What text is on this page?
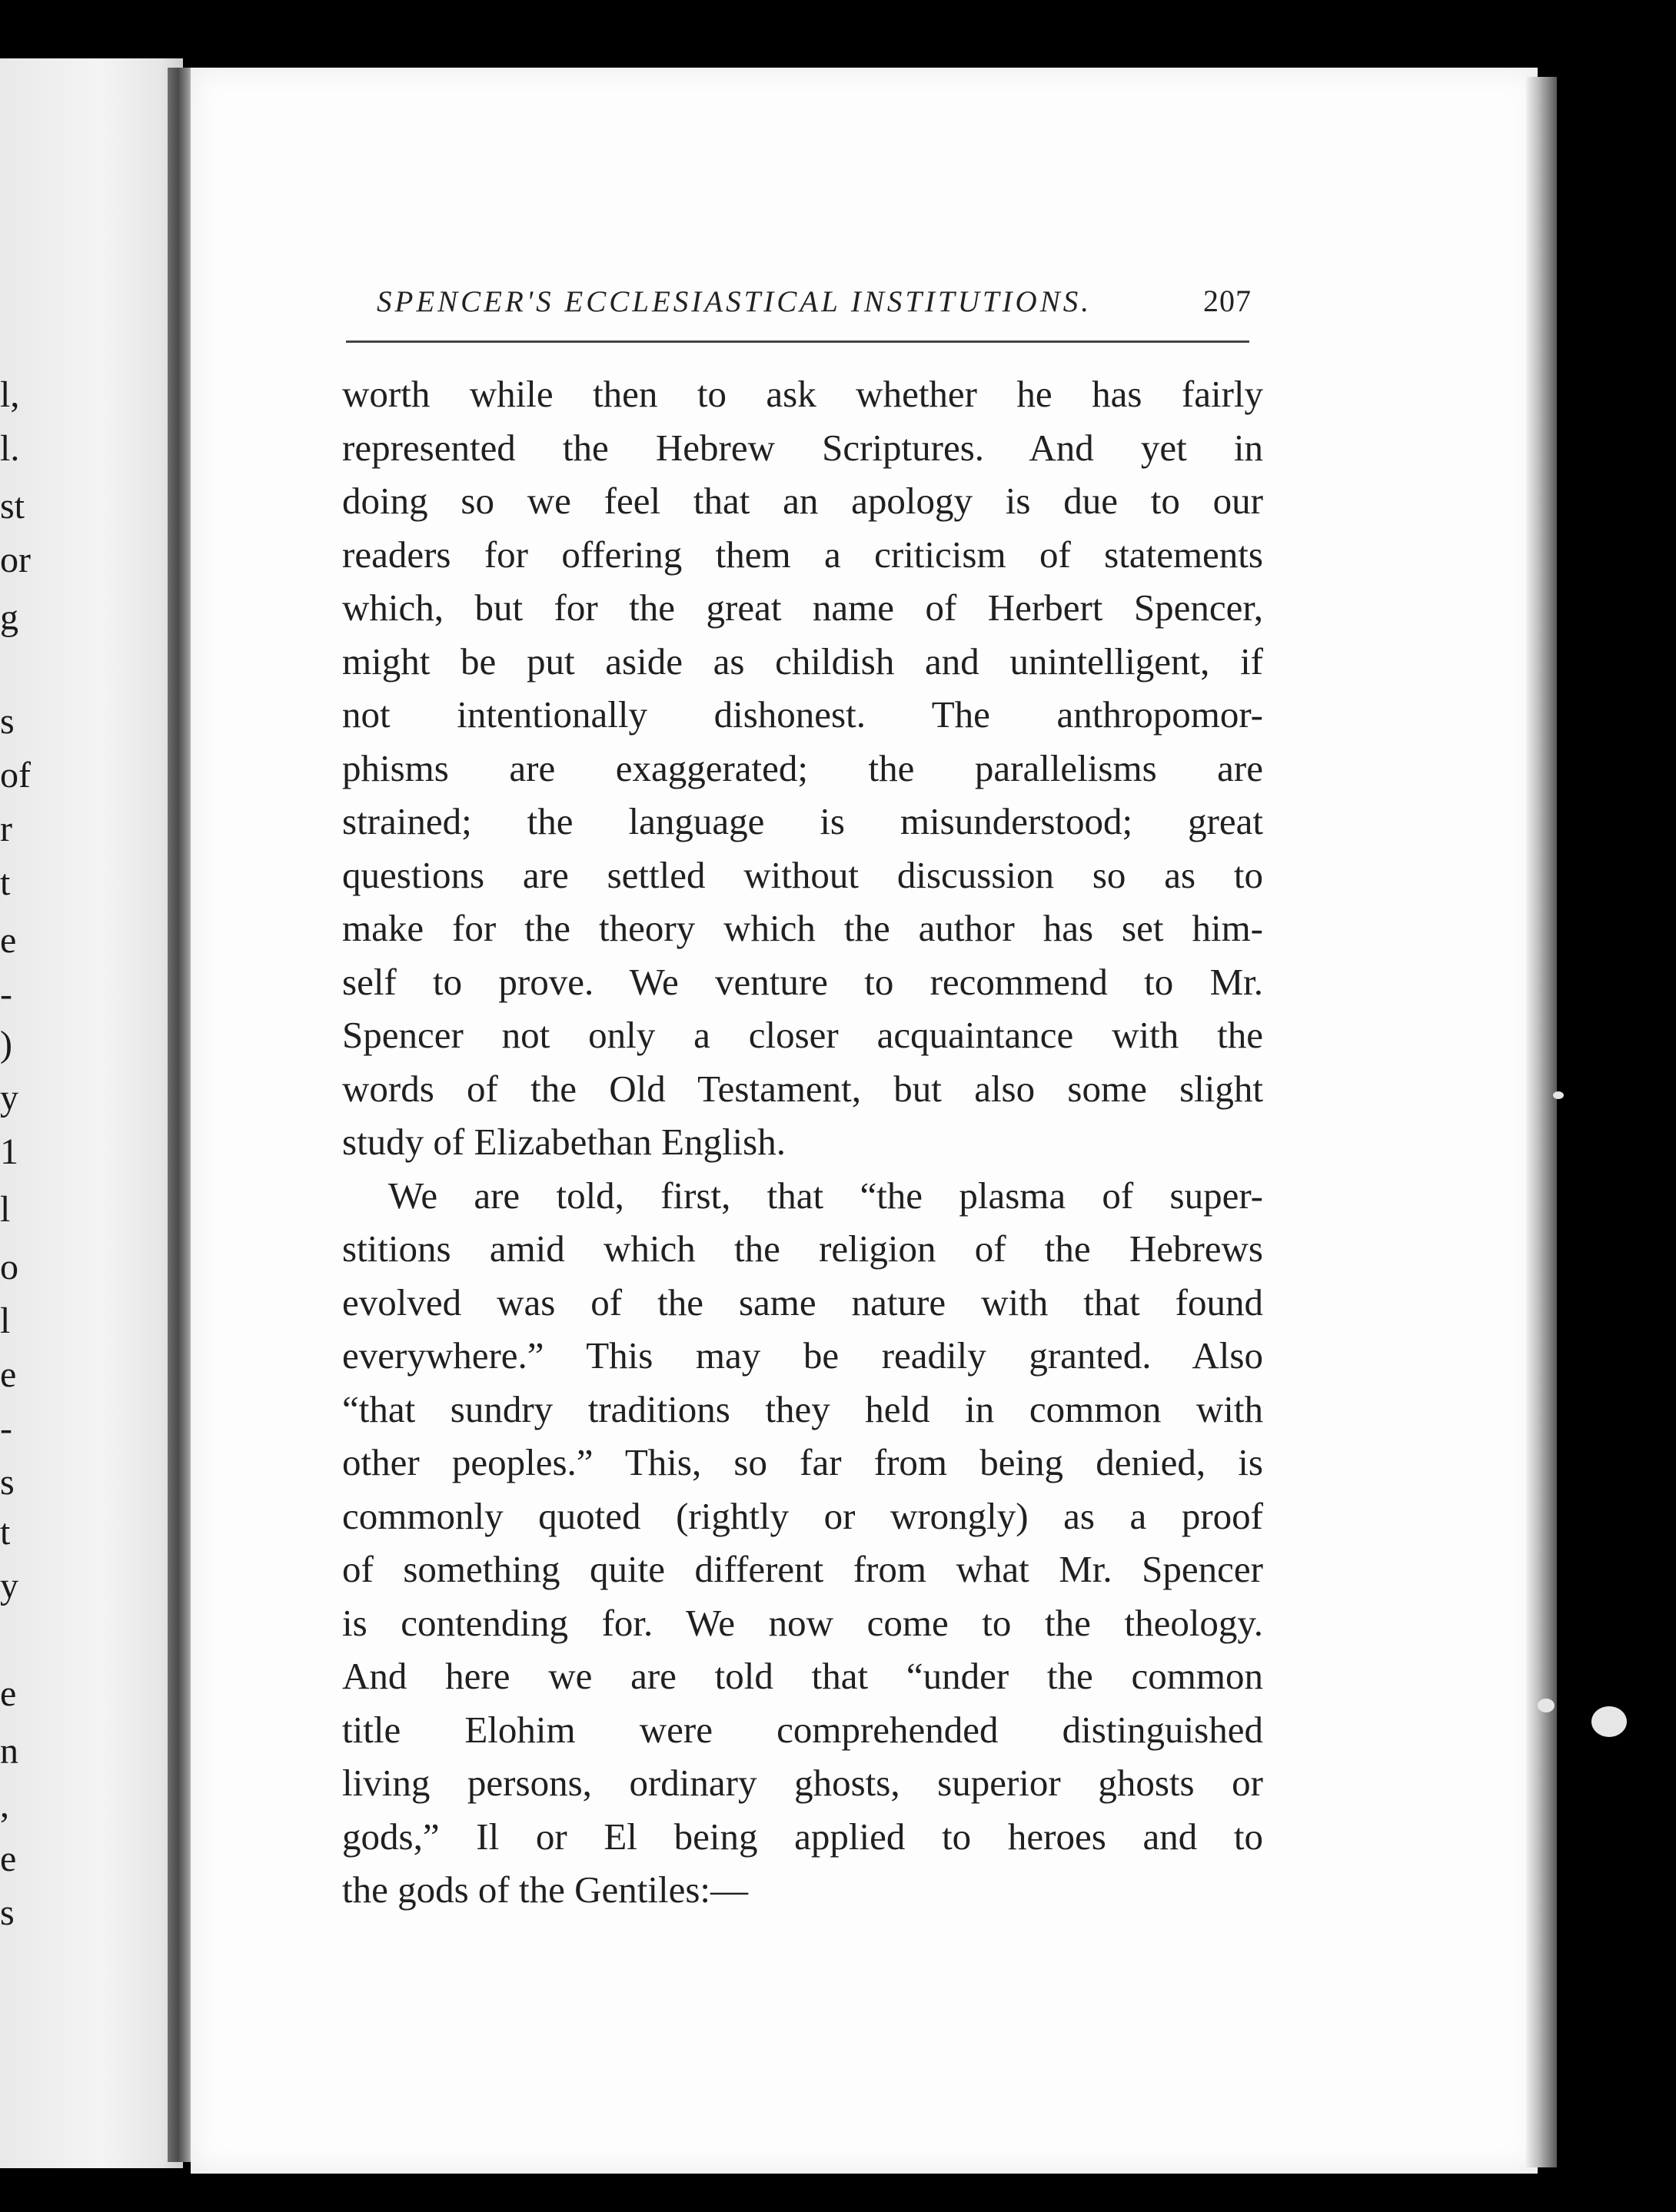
l,
l.
st
or
g
s
of
r
t
e
-
)
y
1
l
o
l
e
-
s
t
y
e
n
,
e
s
SPENCER'S ECCLESIASTICAL INSTITUTIONS.	207
worth while then to ask whether he has fairly
represented the Hebrew Scriptures. And yet in
doing so we feel that an apology is due to our
readers for offering them a criticism of statements
which, but for the great name of Herbert Spencer,
might be put aside as childish and unintelligent, if
not intentionally dishonest. The anthropomor-
phisms are exaggerated; the parallelisms are
strained; the language is misunderstood; great
questions are settled without discussion so as to
make for the theory which the author has set him-
self to prove. We venture to recommend to Mr.
Spencer not only a closer acquaintance with the
words of the Old Testament, but also some slight
study of Elizabethan English.
We are told, first, that “the plasma of super-
stitions amid which the religion of the Hebrews
evolved was of the same nature with that found
everywhere.” This may be readily granted. Also
“that sundry traditions they held in common with
other peoples.” This, so far from being denied, is
commonly quoted (rightly or wrongly) as a proof
of something quite different from what Mr. Spencer
is contending for. We now come to the theology.
And here we are told that “under the common
title Elohim were comprehended distinguished
living persons, ordinary ghosts, superior ghosts or
gods,” Il or El being applied to heroes and to
the gods of the Gentiles:—
